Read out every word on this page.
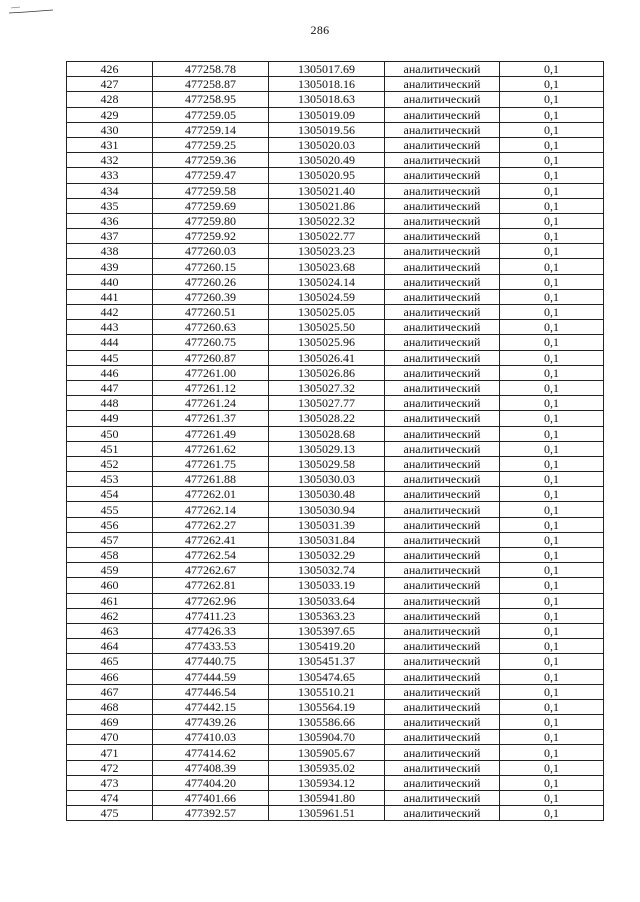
286
426	477258.78	1305017.69	аналитический	0,1
427	477258.87	1305018.16	аналитический	0,1
428	477258.95	1305018.63	аналитический	0,1
429	477259.05	1305019.09	аналитический	0,1
430	477259.14	1305019.56	аналитический	0,1
431	477259.25	1305020.03	аналитический	0,1
432	477259.36	1305020.49	аналитический	0,1
433	477259.47	1305020.95	аналитический	0,1
434	477259.58	1305021.40	аналитический	0,1
435	477259.69	1305021.86	аналитический	0,1
436	477259.80	1305022.32	аналитический	0,1
437	477259.92	1305022.77	аналитический	0,1
438	477260.03	1305023.23	аналитический	0,1
439	477260.15	1305023.68	аналитический	0,1
440	477260.26	1305024.14	аналитический	0,1
441	477260.39	1305024.59	аналитический	0,1
442	477260.51	1305025.05	аналитический	0,1
443	477260.63	1305025.50	аналитический	0,1
444	477260.75	1305025.96	аналитический	0,1
445	477260.87	1305026.41	аналитический	0,1
446	477261.00	1305026.86	аналитический	0,1
447	477261.12	1305027.32	аналитический	0,1
448	477261.24	1305027.77	аналитический	0,1
449	477261.37	1305028.22	аналитический	0,1
450	477261.49	1305028.68	аналитический	0,1
451	477261.62	1305029.13	аналитический	0,1
452	477261.75	1305029.58	аналитический	0,1
453	477261.88	1305030.03	аналитический	0,1
454	477262.01	1305030.48	аналитический	0,1
455	477262.14	1305030.94	аналитический	0,1
456	477262.27	1305031.39	аналитический	0,1
457	477262.41	1305031.84	аналитический	0,1
458	477262.54	1305032.29	аналитический	0,1
459	477262.67	1305032.74	аналитический	0,1
460	477262.81	1305033.19	аналитический	0,1
461	477262.96	1305033.64	аналитический	0,1
462	477411.23	1305363.23	аналитический	0,1
463	477426.33	1305397.65	аналитический	0,1
464	477433.53	1305419.20	аналитический	0,1
465	477440.75	1305451.37	аналитический	0,1
466	477444.59	1305474.65	аналитический	0,1
467	477446.54	1305510.21	аналитический	0,1
468	477442.15	1305564.19	аналитический	0,1
469	477439.26	1305586.66	аналитический	0,1
470	477410.03	1305904.70	аналитический	0,1
471	477414.62	1305905.67	аналитический	0,1
472	477408.39	1305935.02	аналитический	0,1
473	477404.20	1305934.12	аналитический	0,1
474	477401.66	1305941.80	аналитический	0,1
475	477392.57	1305961.51	аналитический	0,1
